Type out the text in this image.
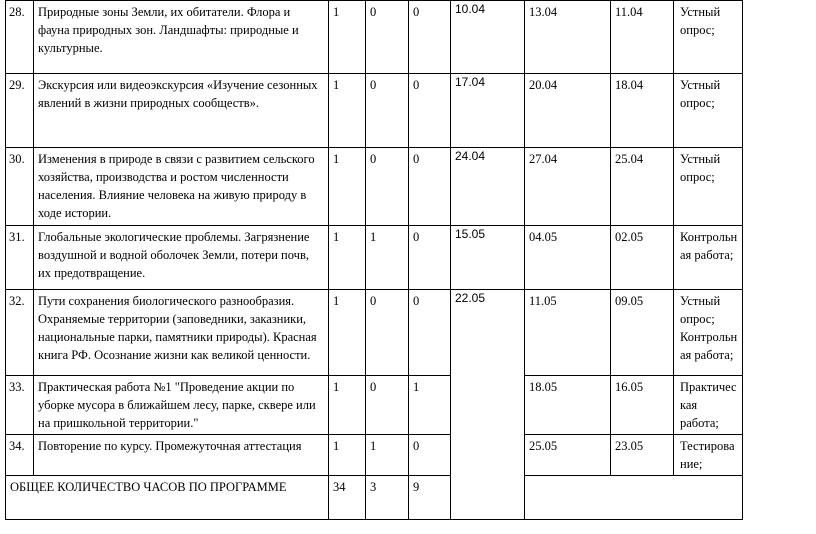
28.	Природные зоны Земли, их обитатели. Флора и фауна природных зон. Ландшафты: природные и культурные.	1	0	0	10.04	13.04	11.04	Устный опрос;
29.	Экскурсия или видеоэкскурсия «Изучение сезонных явлений в жизни природных сообществ».	1	0	0	17.04	20.04	18.04	Устный опрос;
30.	Изменения в природе в связи с развитием сельского хозяйства, производства и ростом численности населения. Влияние человека на живую природу в ходе истории.	1	0	0	24.04	27.04	25.04	Устный опрос;
31.	Глобальные экологические проблемы. Загрязнение воздушной и водной оболочек Земли, потери почв, их предотвращение.	1	1	0	15.05	04.05	02.05	Контрольная работа;
32.	Пути сохранения биологического разнообразия. Охраняемые территории (заповедники, заказники, национальные парки, памятники природы). Красная книга РФ. Осознание жизни как великой ценности.	1	0	0	22.05	11.05	09.05	Устный опрос; Контрольная работа;
33.	Практическая работа №1 "Проведение акции по уборке мусора в ближайшем лесу, парке, сквере или на пришкольной территории."	1	0	1		18.05	16.05	Практическая работа;
34.	Повторение по курсу. Промежуточная аттестация	1	1	0		25.05	23.05	Тестирование;
ОБЩЕЕ КОЛИЧЕСТВО ЧАСОВ ПО ПРОГРАММЕ		34	3	9				
